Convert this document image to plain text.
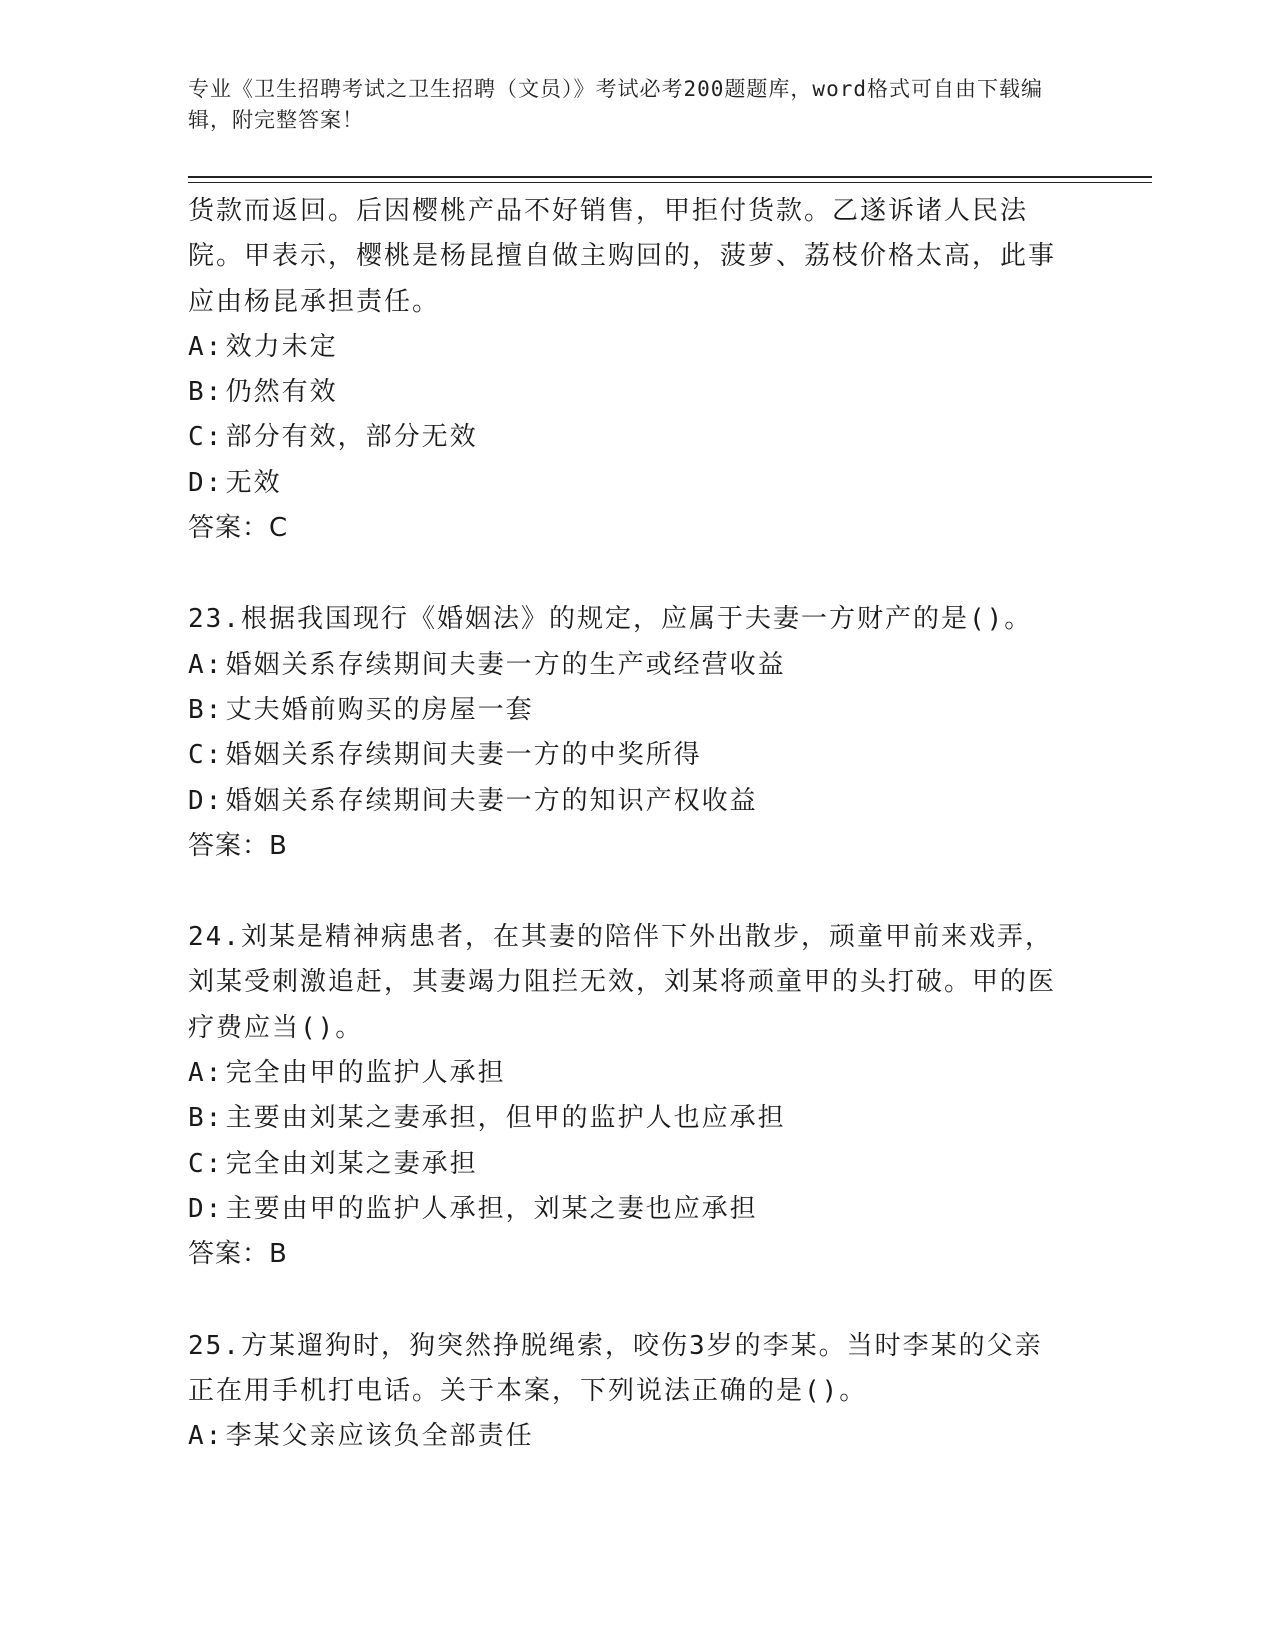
专业《卫生招聘考试之卫生招聘（文员）》考试必考200题题库，word格式可自由下载编辑，附完整答案！

货款而返回。后因樱桃产品不好销售，甲拒付货款。乙遂诉诸人民法院。甲表示，樱桃是杨昆擅自做主购回的，菠萝、荔枝价格太高，此事应由杨昆承担责任。

A:效力未定

B:仍然有效

C:部分有效，部分无效

D:无效

答案：C

23.根据我国现行《婚姻法》的规定，应属于夫妻一方财产的是()。

A:婚姻关系存续期间夫妻一方的生产或经营收益

B:丈夫婚前购买的房屋一套

C:婚姻关系存续期间夫妻一方的中奖所得

D:婚姻关系存续期间夫妻一方的知识产权收益

答案：B

24.刘某是精神病患者，在其妻的陪伴下外出散步，顽童甲前来戏弄，刘某受刺激追赶，其妻竭力阻拦无效，刘某将顽童甲的头打破。甲的医疗费应当()。

A:完全由甲的监护人承担

B:主要由刘某之妻承担，但甲的监护人也应承担

C:完全由刘某之妻承担

D:主要由甲的监护人承担，刘某之妻也应承担

答案：B

25.方某遛狗时，狗突然挣脱绳索，咬伤3岁的李某。当时李某的父亲正在用手机打电话。关于本案，下列说法正确的是()。

A:李某父亲应该负全部责任
